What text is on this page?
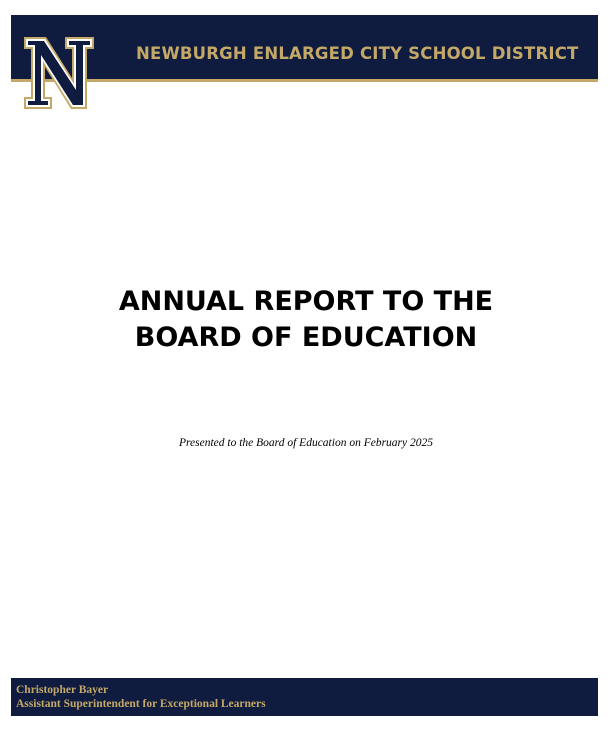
NEWBURGH ENLARGED CITY SCHOOL DISTRICT
ANNUAL REPORT TO THE
BOARD OF EDUCATION
Presented to the Board of Education on February 2025
Christopher Bayer
Assistant Superintendent for Exceptional Learners
